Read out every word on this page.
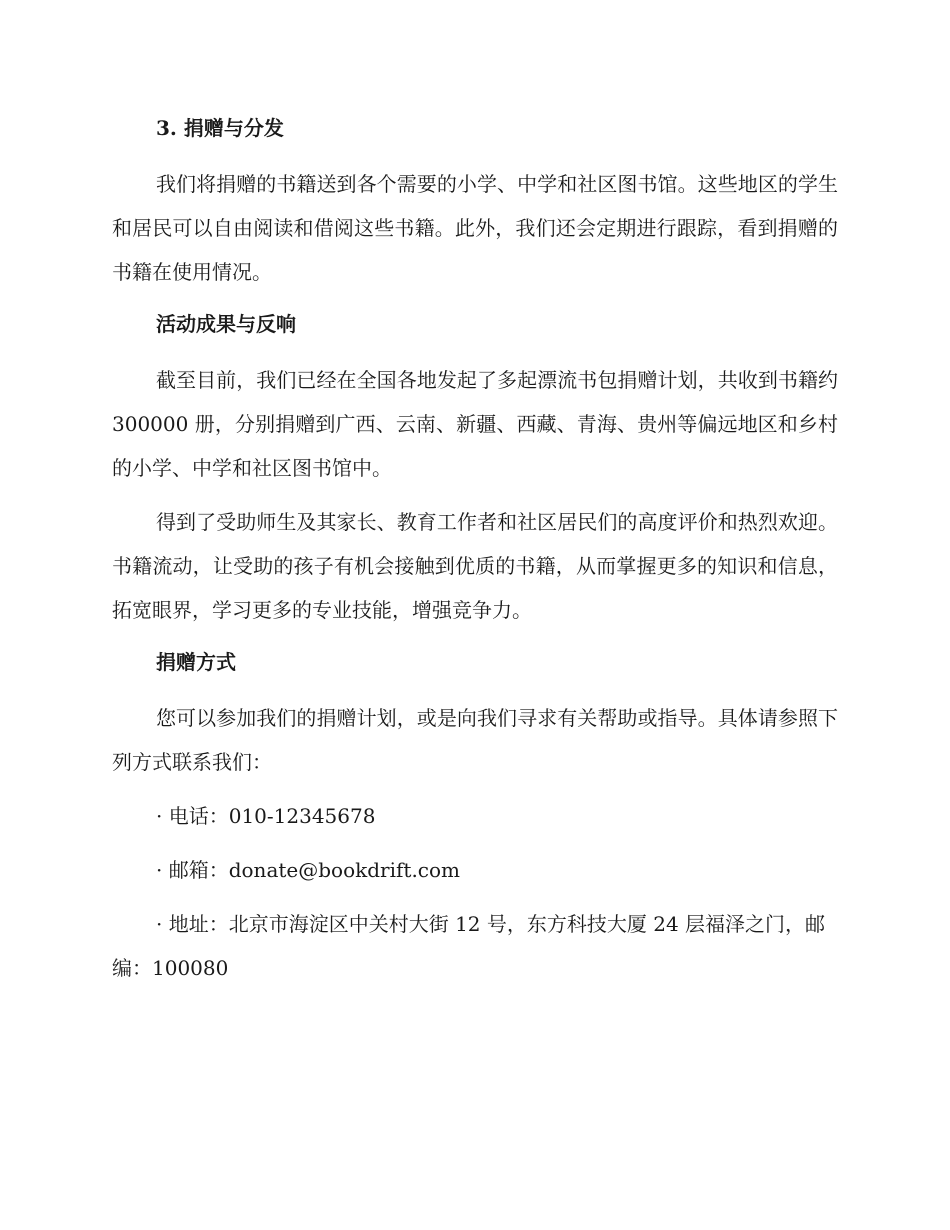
3. 捐赠与分发

我们将捐赠的书籍送到各个需要的小学、中学和社区图书馆。这些地区的学生和居民可以自由阅读和借阅这些书籍。此外，我们还会定期进行跟踪，看到捐赠的书籍在使用情况。

活动成果与反响

截至目前，我们已经在全国各地发起了多起漂流书包捐赠计划，共收到书籍约 300000 册，分别捐赠到广西、云南、新疆、西藏、青海、贵州等偏远地区和乡村的小学、中学和社区图书馆中。

得到了受助师生及其家长、教育工作者和社区居民们的高度评价和热烈欢迎。书籍流动，让受助的孩子有机会接触到优质的书籍，从而掌握更多的知识和信息，拓宽眼界，学习更多的专业技能，增强竞争力。

捐赠方式

您可以参加我们的捐赠计划，或是向我们寻求有关帮助或指导。具体请参照下列方式联系我们：

· 电话：010-12345678

· 邮箱：donate@bookdrift.com

· 地址：北京市海淀区中关村大街 12 号，东方科技大厦 24 层福泽之门，邮编：100080
